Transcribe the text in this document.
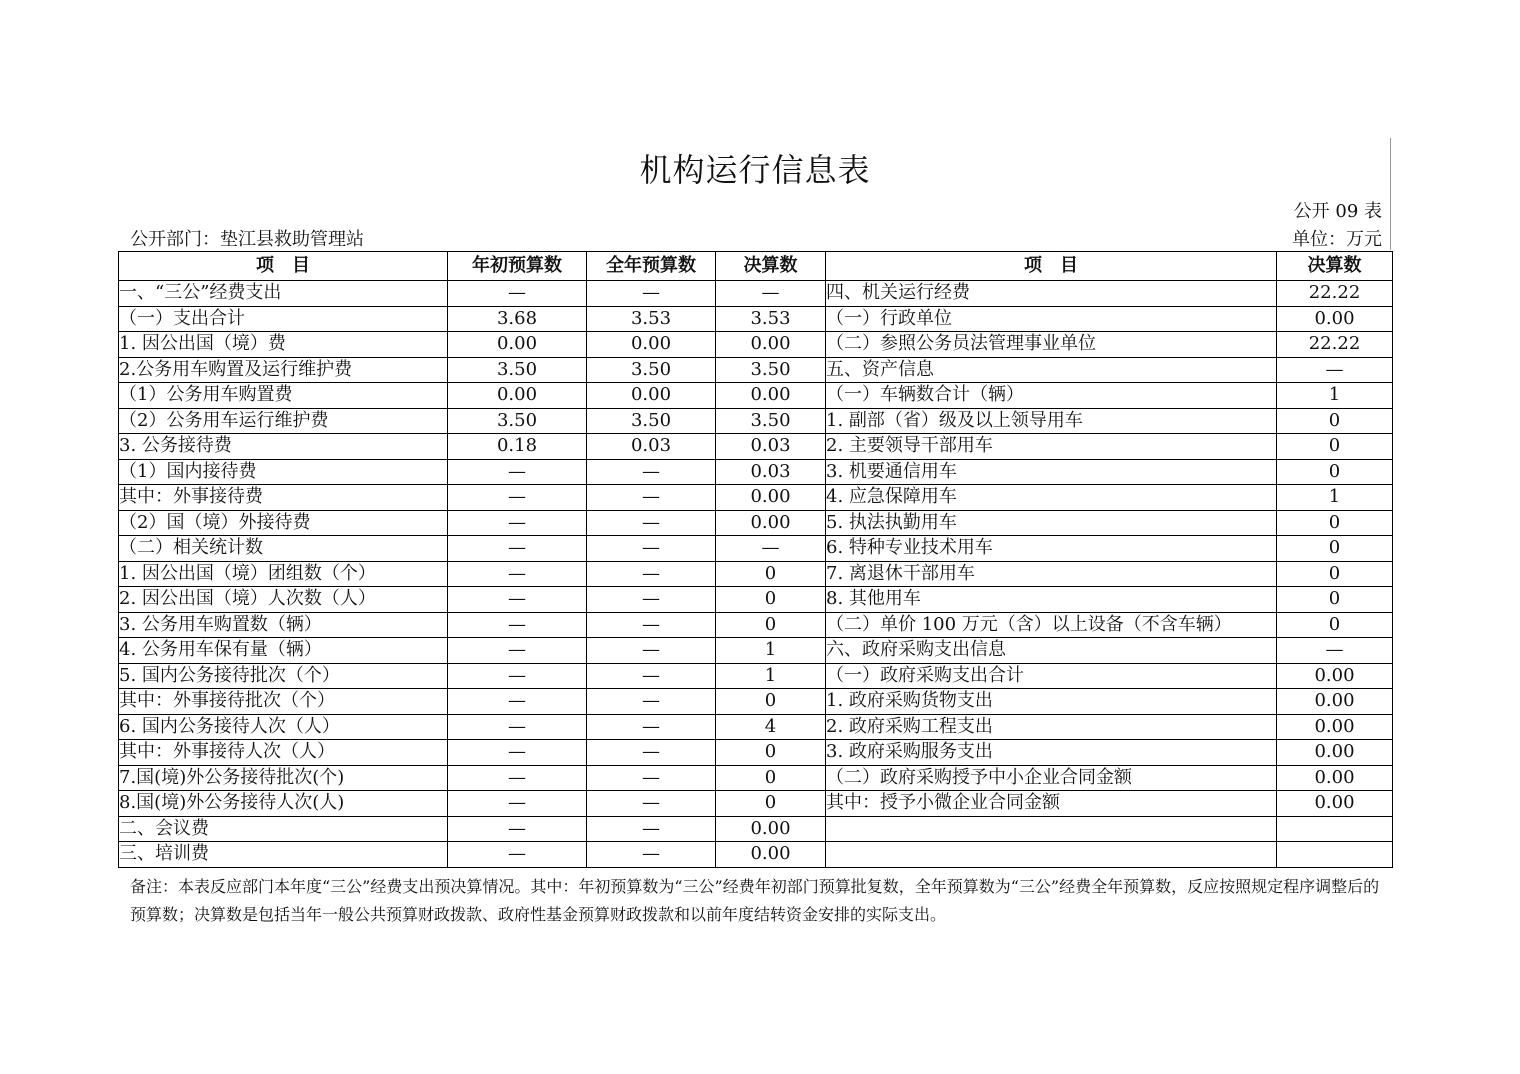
机构运行信息表
公开 09 表
公开部门：垫江县救助管理站	单位：万元
项　目	年初预算数	全年预算数	决算数	项　目	决算数
一、“三公”经费支出	—	—	—	四、机关运行经费	22.22
（一）支出合计	3.68	3.53	3.53	（一）行政单位	0.00
1. 因公出国（境）费	0.00	0.00	0.00	（二）参照公务员法管理事业单位	22.22
2.公务用车购置及运行维护费	3.50	3.50	3.50	五、资产信息	—
（1）公务用车购置费	0.00	0.00	0.00	（一）车辆数合计（辆）	1
（2）公务用车运行维护费	3.50	3.50	3.50	1. 副部（省）级及以上领导用车	0
3. 公务接待费	0.18	0.03	0.03	2. 主要领导干部用车	0
（1）国内接待费	—	—	0.03	3. 机要通信用车	0
其中：外事接待费	—	—	0.00	4. 应急保障用车	1
（2）国（境）外接待费	—	—	0.00	5. 执法执勤用车	0
（二）相关统计数	—	—	—	6. 特种专业技术用车	0
1. 因公出国（境）团组数（个）	—	—	0	7. 离退休干部用车	0
2. 因公出国（境）人次数（人）	—	—	0	8. 其他用车	0
3. 公务用车购置数（辆）	—	—	0	（二）单价 100 万元（含）以上设备（不含车辆）	0
4. 公务用车保有量（辆）	—	—	1	六、政府采购支出信息	—
5. 国内公务接待批次（个）	—	—	1	（一）政府采购支出合计	0.00
其中：外事接待批次（个）	—	—	0	1. 政府采购货物支出	0.00
6. 国内公务接待人次（人）	—	—	4	2. 政府采购工程支出	0.00
其中：外事接待人次（人）	—	—	0	3. 政府采购服务支出	0.00
7.国(境)外公务接待批次(个)	—	—	0	（二）政府采购授予中小企业合同金额	0.00
8.国(境)外公务接待人次(人)	—	—	0	其中：授予小微企业合同金额	0.00
二、会议费	—	—	0.00		
三、培训费	—	—	0.00		
备注：本表反应部门本年度“三公”经费支出预决算情况。其中：年初预算数为“三公”经费年初部门预算批复数，全年预算数为“三公”经费全年预算数，反应按照规定程序调整后的预算数；决算数是包括当年一般公共预算财政拨款、政府性基金预算财政拨款和以前年度结转资金安排的实际支出。
